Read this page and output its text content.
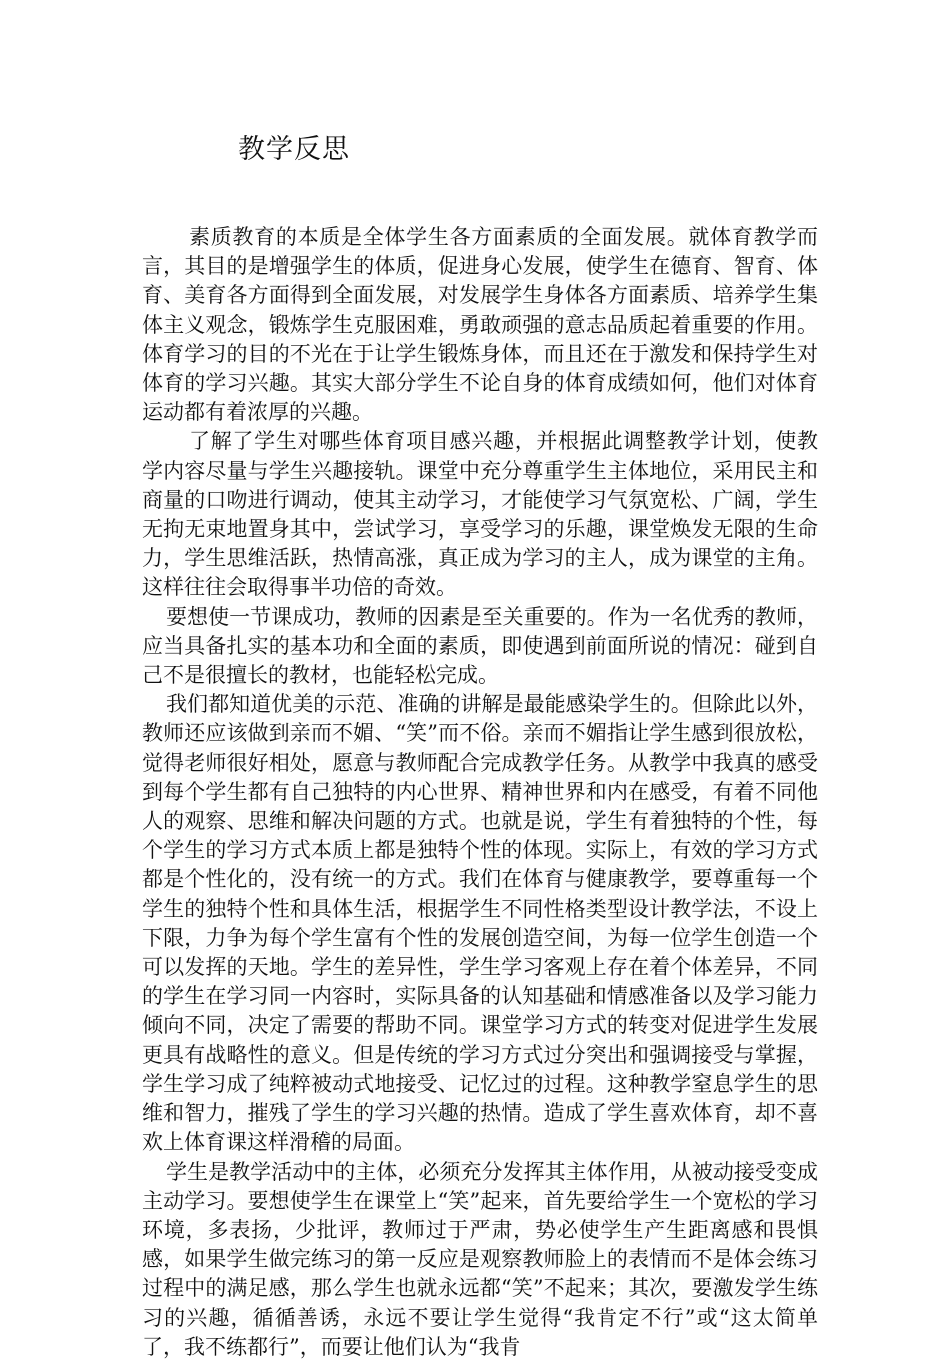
教学反思

素质教育的本质是全体学生各方面素质的全面发展。就体育教学而言，其目的是增强学生的体质，促进身心发展，使学生在德育、智育、体育、美育各方面得到全面发展，对发展学生身体各方面素质、培养学生集体主义观念，锻炼学生克服困难，勇敢顽强的意志品质起着重要的作用。体育学习的目的不光在于让学生锻炼身体，而且还在于激发和保持学生对体育的学习兴趣。其实大部分学生不论自身的体育成绩如何，他们对体育运动都有着浓厚的兴趣。

了解了学生对哪些体育项目感兴趣，并根据此调整教学计划，使教学内容尽量与学生兴趣接轨。课堂中充分尊重学生主体地位，采用民主和商量的口吻进行调动，使其主动学习，才能使学习气氛宽松、广阔，学生无拘无束地置身其中，尝试学习，享受学习的乐趣，课堂焕发无限的生命力，学生思维活跃，热情高涨，真正成为学习的主人，成为课堂的主角。这样往往会取得事半功倍的奇效。

要想使一节课成功，教师的因素是至关重要的。作为一名优秀的教师，应当具备扎实的基本功和全面的素质，即使遇到前面所说的情况：碰到自己不是很擅长的教材，也能轻松完成。

我们都知道优美的示范、准确的讲解是最能感染学生的。但除此以外，教师还应该做到亲而不媚、“笑”而不俗。亲而不媚指让学生感到很放松，觉得老师很好相处，愿意与教师配合完成教学任务。从教学中我真的感受到每个学生都有自己独特的内心世界、精神世界和内在感受，有着不同他人的观察、思维和解决问题的方式。也就是说，学生有着独特的个性，每个学生的学习方式本质上都是独特个性的体现。实际上，有效的学习方式都是个性化的，没有统一的方式。我们在体育与健康教学，要尊重每一个学生的独特个性和具体生活，根据学生不同性格类型设计教学法，不设上下限，力争为每个学生富有个性的发展创造空间，为每一位学生创造一个可以发挥的天地。学生的差异性，学生学习客观上存在着个体差异，不同的学生在学习同一内容时，实际具备的认知基础和情感准备以及学习能力倾向不同，决定了需要的帮助不同。课堂学习方式的转变对促进学生发展更具有战略性的意义。但是传统的学习方式过分突出和强调接受与掌握，学生学习成了纯粹被动式地接受、记忆过的过程。这种教学窒息学生的思维和智力，摧残了学生的学习兴趣的热情。造成了学生喜欢体育，却不喜欢上体育课这样滑稽的局面。

学生是教学活动中的主体，必须充分发挥其主体作用，从被动接受变成主动学习。要想使学生在课堂上“笑”起来，首先要给学生一个宽松的学习环境，多表扬，少批评，教师过于严肃，势必使学生产生距离感和畏惧感，如果学生做完练习的第一反应是观察教师脸上的表情而不是体会练习过程中的满足感，那么学生也就永远都“笑”不起来；其次，要激发学生练习的兴趣，循循善诱，永远不要让学生觉得“我肯定不行”或“这太简单了，我不练都行”，而要让他们认为“我肯
